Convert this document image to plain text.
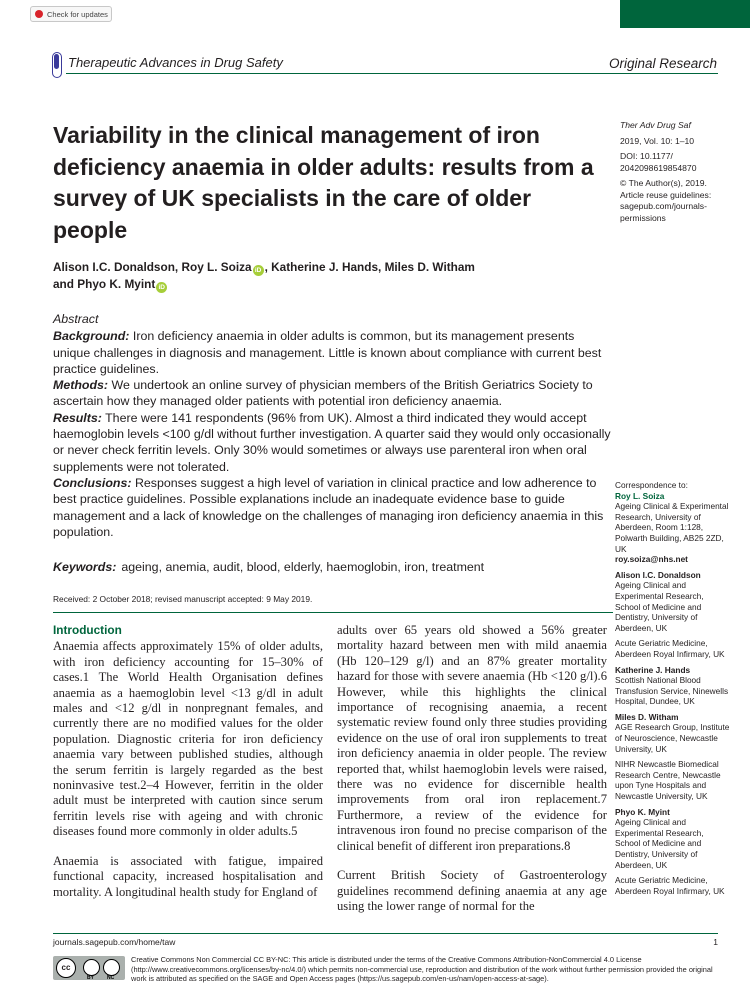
Check for updates
Therapeutic Advances in Drug Safety	Original Research
Variability in the clinical management of iron deficiency anaemia in older adults: results from a survey of UK specialists in the care of older people
Ther Adv Drug Saf
2019, Vol. 10: 1–10
DOI: 10.1177/
2042098619854870
© The Author(s), 2019. Article reuse guidelines: sagepub.com/journals-permissions
Alison I.C. Donaldson, Roy L. Soiza iD , Katherine J. Hands, Miles D. Witham
and Phyo K. Myint iD
Abstract

Background: Iron deficiency anaemia in older adults is common, but its management presents unique challenges in diagnosis and management. Little is known about compliance with current best practice guidelines.

Methods: We undertook an online survey of physician members of the British Geriatrics Society to ascertain how they managed older patients with potential iron deficiency anaemia.

Results: There were 141 respondents (96% from UK). Almost a third indicated they would accept haemoglobin levels <100 g/dl without further investigation. A quarter said they would only occasionally or never check ferritin levels. Only 30% would sometimes or always use parenteral iron when oral supplements were not tolerated.

Conclusions: Responses suggest a high level of variation in clinical practice and low adherence to best practice guidelines. Possible explanations include an inadequate evidence base to guide management and a lack of knowledge on the challenges of managing iron deficiency anaemia in this population.

Keywords: ageing, anemia, audit, blood, elderly, haemoglobin, iron, treatment
Received: 2 October 2018; revised manuscript accepted: 9 May 2019.
Introduction

Anaemia affects approximately 15% of older adults, with iron deficiency accounting for 15–30% of cases.1 The World Health Organisation defines anaemia as a haemoglobin level <13 g/dl in adult males and <12 g/dl in nonpregnant females, and currently there are no modified values for the older population. Diagnostic criteria for iron deficiency anaemia vary between published studies, although the serum ferritin is largely regarded as the best noninvasive test.2–4 However, ferritin in the older adult must be interpreted with caution since serum ferritin levels rise with ageing and with chronic diseases found more commonly in older adults.5

Anaemia is associated with fatigue, impaired functional capacity, increased hospitalisation and mortality. A longitudinal health study for England of

adults over 65 years old showed a 56% greater mortality hazard between men with mild anaemia (Hb 120–129 g/l) and an 87% greater mortality hazard for those with severe anaemia (Hb <120 g/l).6 However, while this highlights the clinical importance of recognising anaemia, a recent systematic review found only three studies providing evidence on the use of oral iron supplements to treat iron deficiency anaemia in older people. The review reported that, whilst haemoglobin levels were raised, there was no evidence for discernible health improvements from oral iron replacement.7 Furthermore, a review of the evidence for intravenous iron found no precise comparison of the clinical benefit of different iron preparations.8

Current British Society of Gastroenterology guidelines recommend defining anaemia at any age using the lower range of normal for the

Correspondence to:
Roy L. Soiza
Ageing Clinical & Experimental Research, University of Aberdeen, Room 1:128, Polwarth Building, AB25 2ZD, UK
roy.soiza@nhs.net
Alison I.C. Donaldson
Ageing Clinical and Experimental Research, School of Medicine and Dentistry, University of Aberdeen, UK
Acute Geriatric Medicine, Aberdeen Royal Infirmary, UK
Katherine J. Hands
Scottish National Blood Transfusion Service, Ninewells Hospital, Dundee, UK
Miles D. Witham
AGE Research Group, Institute of Neuroscience, Newcastle University, UK
NIHR Newcastle Biomedical Research Centre, Newcastle upon Tyne Hospitals and Newcastle University, UK
Phyo K. Myint
Ageing Clinical and Experimental Research, School of Medicine and Dentistry, University of Aberdeen, UK
Acute Geriatric Medicine, Aberdeen Royal Infirmary, UK
journals.sagepub.com/home/taw	1
cc
BY	NC
Creative Commons Non Commercial CC BY-NC: This article is distributed under the terms of the Creative Commons Attribution-NonCommercial 4.0 License (http://www.creativecommons.org/licenses/by-nc/4.0/) which permits non-commercial use, reproduction and distribution of the work without further permission provided the original work is attributed as specified on the SAGE and Open Access pages (https://us.sagepub.com/en-us/nam/open-access-at-sage).
